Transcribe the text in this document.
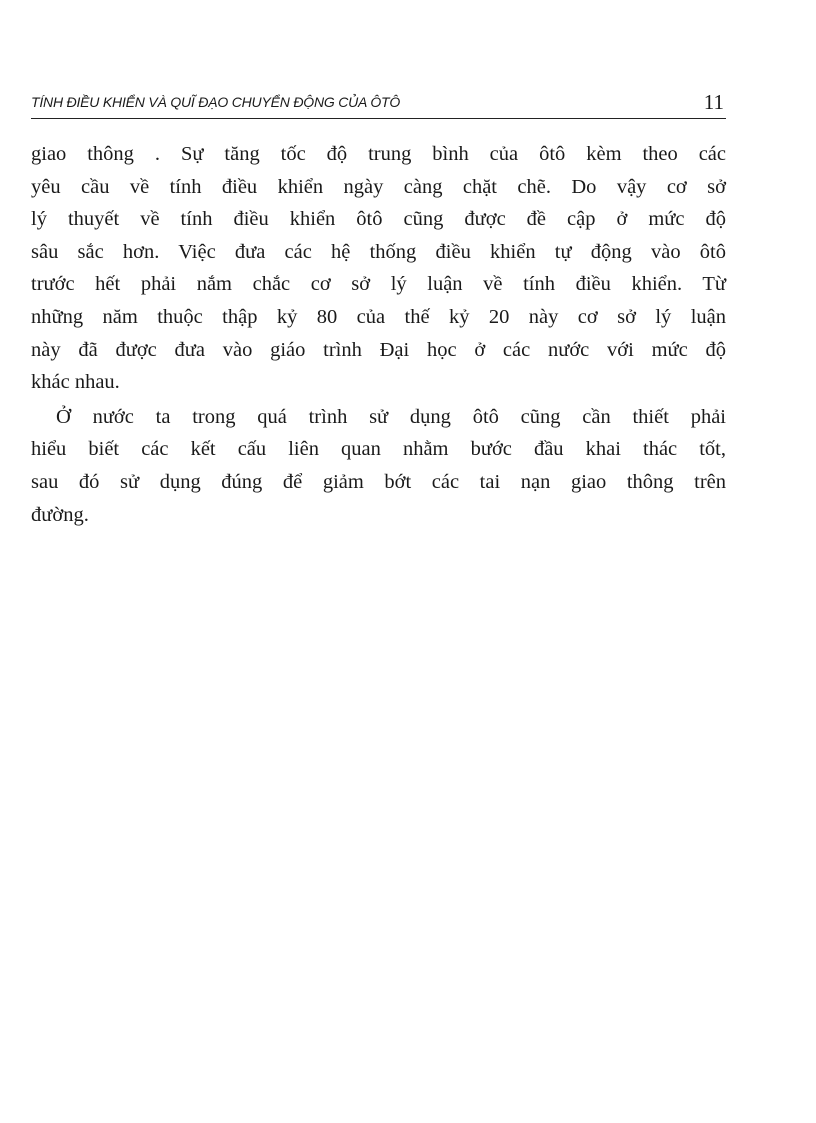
TÍNH ĐIỀU KHIỂN VÀ QUĨ ĐẠO CHUYỂN ĐỘNG CỦA ÔTÔ	11

giao thông . Sự tăng tốc độ trung bình của ôtô kèm theo các
yêu cầu về tính điều khiển ngày càng chặt chẽ. Do vậy cơ sở
lý thuyết về tính điều khiển ôtô cũng được đề cập ở mức độ
sâu sắc hơn. Việc đưa các hệ thống điều khiển tự động vào ôtô
trước hết phải nắm chắc cơ sở lý luận về tính điều khiển. Từ
những năm thuộc thập kỷ 80 của thế kỷ 20 này cơ sở lý luận
này đã được đưa vào giáo trình Đại học ở các nước với mức độ
khác nhau.

Ở nước ta trong quá trình sử dụng ôtô cũng cần thiết phải
hiểu biết các kết cấu liên quan nhằm bước đầu khai thác tốt,
sau đó sử dụng đúng để giảm bớt các tai nạn giao thông trên
đường.
